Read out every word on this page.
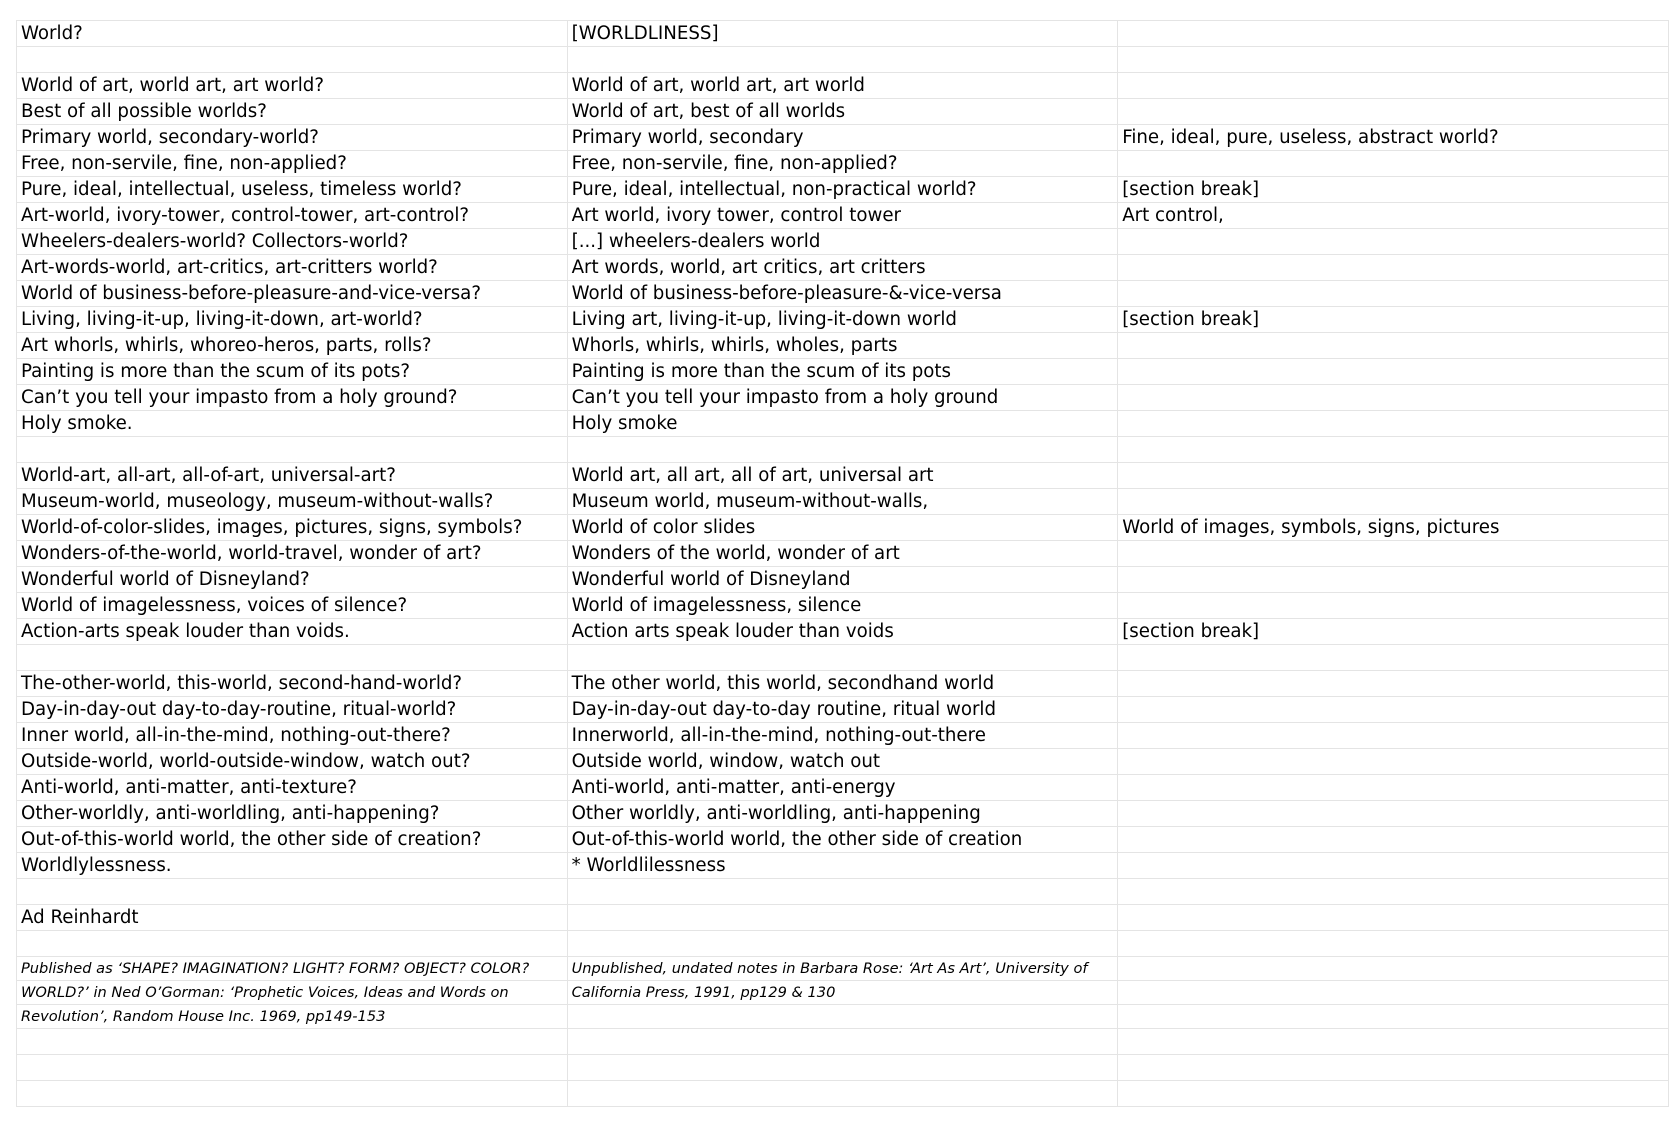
World?	[WORLDLINESS]	

World of art, world art, art world?	World of art, world art, art world	
Best of all possible worlds?	World of art, best of all worlds	
Primary world, secondary-world?	Primary world, secondary	Fine, ideal, pure, useless, abstract world?
Free, non-servile, fine, non-applied?	Free, non-servile, fine, non-applied?	
Pure, ideal, intellectual, useless, timeless world?	Pure, ideal, intellectual, non-practical world?	[section break]
Art-world, ivory-tower, control-tower, art-control?	Art world, ivory tower, control tower	Art control,
Wheelers-dealers-world? Collectors-world?	[...] wheelers-dealers world	
Art-words-world, art-critics, art-critters world?	Art words, world, art critics, art critters	
World of business-before-pleasure-and-vice-versa?	World of business-before-pleasure-&-vice-versa	
Living, living-it-up, living-it-down, art-world?	Living art, living-it-up, living-it-down world	[section break]
Art whorls, whirls, whoreo-heros, parts, rolls?	Whorls, whirls, whirls, wholes, parts	
Painting is more than the scum of its pots?	Painting is more than the scum of its pots	
Can’t you tell your impasto from a holy ground?	Can’t you tell your impasto from a holy ground	
Holy smoke.	Holy smoke	

World-art, all-art, all-of-art, universal-art?	World art, all art, all of art, universal art	
Museum-world, museology, museum-without-walls?	Museum world, museum-without-walls,	
World-of-color-slides, images, pictures, signs, symbols?	World of color slides	World of images, symbols, signs, pictures
Wonders-of-the-world, world-travel, wonder of art?	Wonders of the world, wonder of art	
Wonderful world of Disneyland?	Wonderful world of Disneyland	
World of imagelessness, voices of silence?	World of imagelessness, silence	
Action-arts speak louder than voids.	Action arts speak louder than voids	[section break]

The-other-world, this-world, second-hand-world?	The other world, this world, secondhand world	
Day-in-day-out day-to-day-routine, ritual-world?	Day-in-day-out day-to-day routine, ritual world	
Inner world, all-in-the-mind, nothing-out-there?	Innerworld, all-in-the-mind, nothing-out-there	
Outside-world, world-outside-window, watch out?	Outside world, window, watch out	
Anti-world, anti-matter, anti-texture?	Anti-world, anti-matter, anti-energy	
Other-worldly, anti-worldling, anti-happening?	Other worldly, anti-worldling, anti-happening	
Out-of-this-world world, the other side of creation?	Out-of-this-world world, the other side of creation	
Worldlylessness.	* Worldlilessness	

Ad Reinhardt		

Published as ‘SHAPE? IMAGINATION? LIGHT? FORM? OBJECT? COLOR?	Unpublished, undated notes in Barbara Rose: ‘Art As Art’, University of	
WORLD?’ in Ned O’Gorman: ‘Prophetic Voices, Ideas and Words on	California Press, 1991, pp129 & 130	
Revolution’, Random House Inc. 1969, pp149-153		
